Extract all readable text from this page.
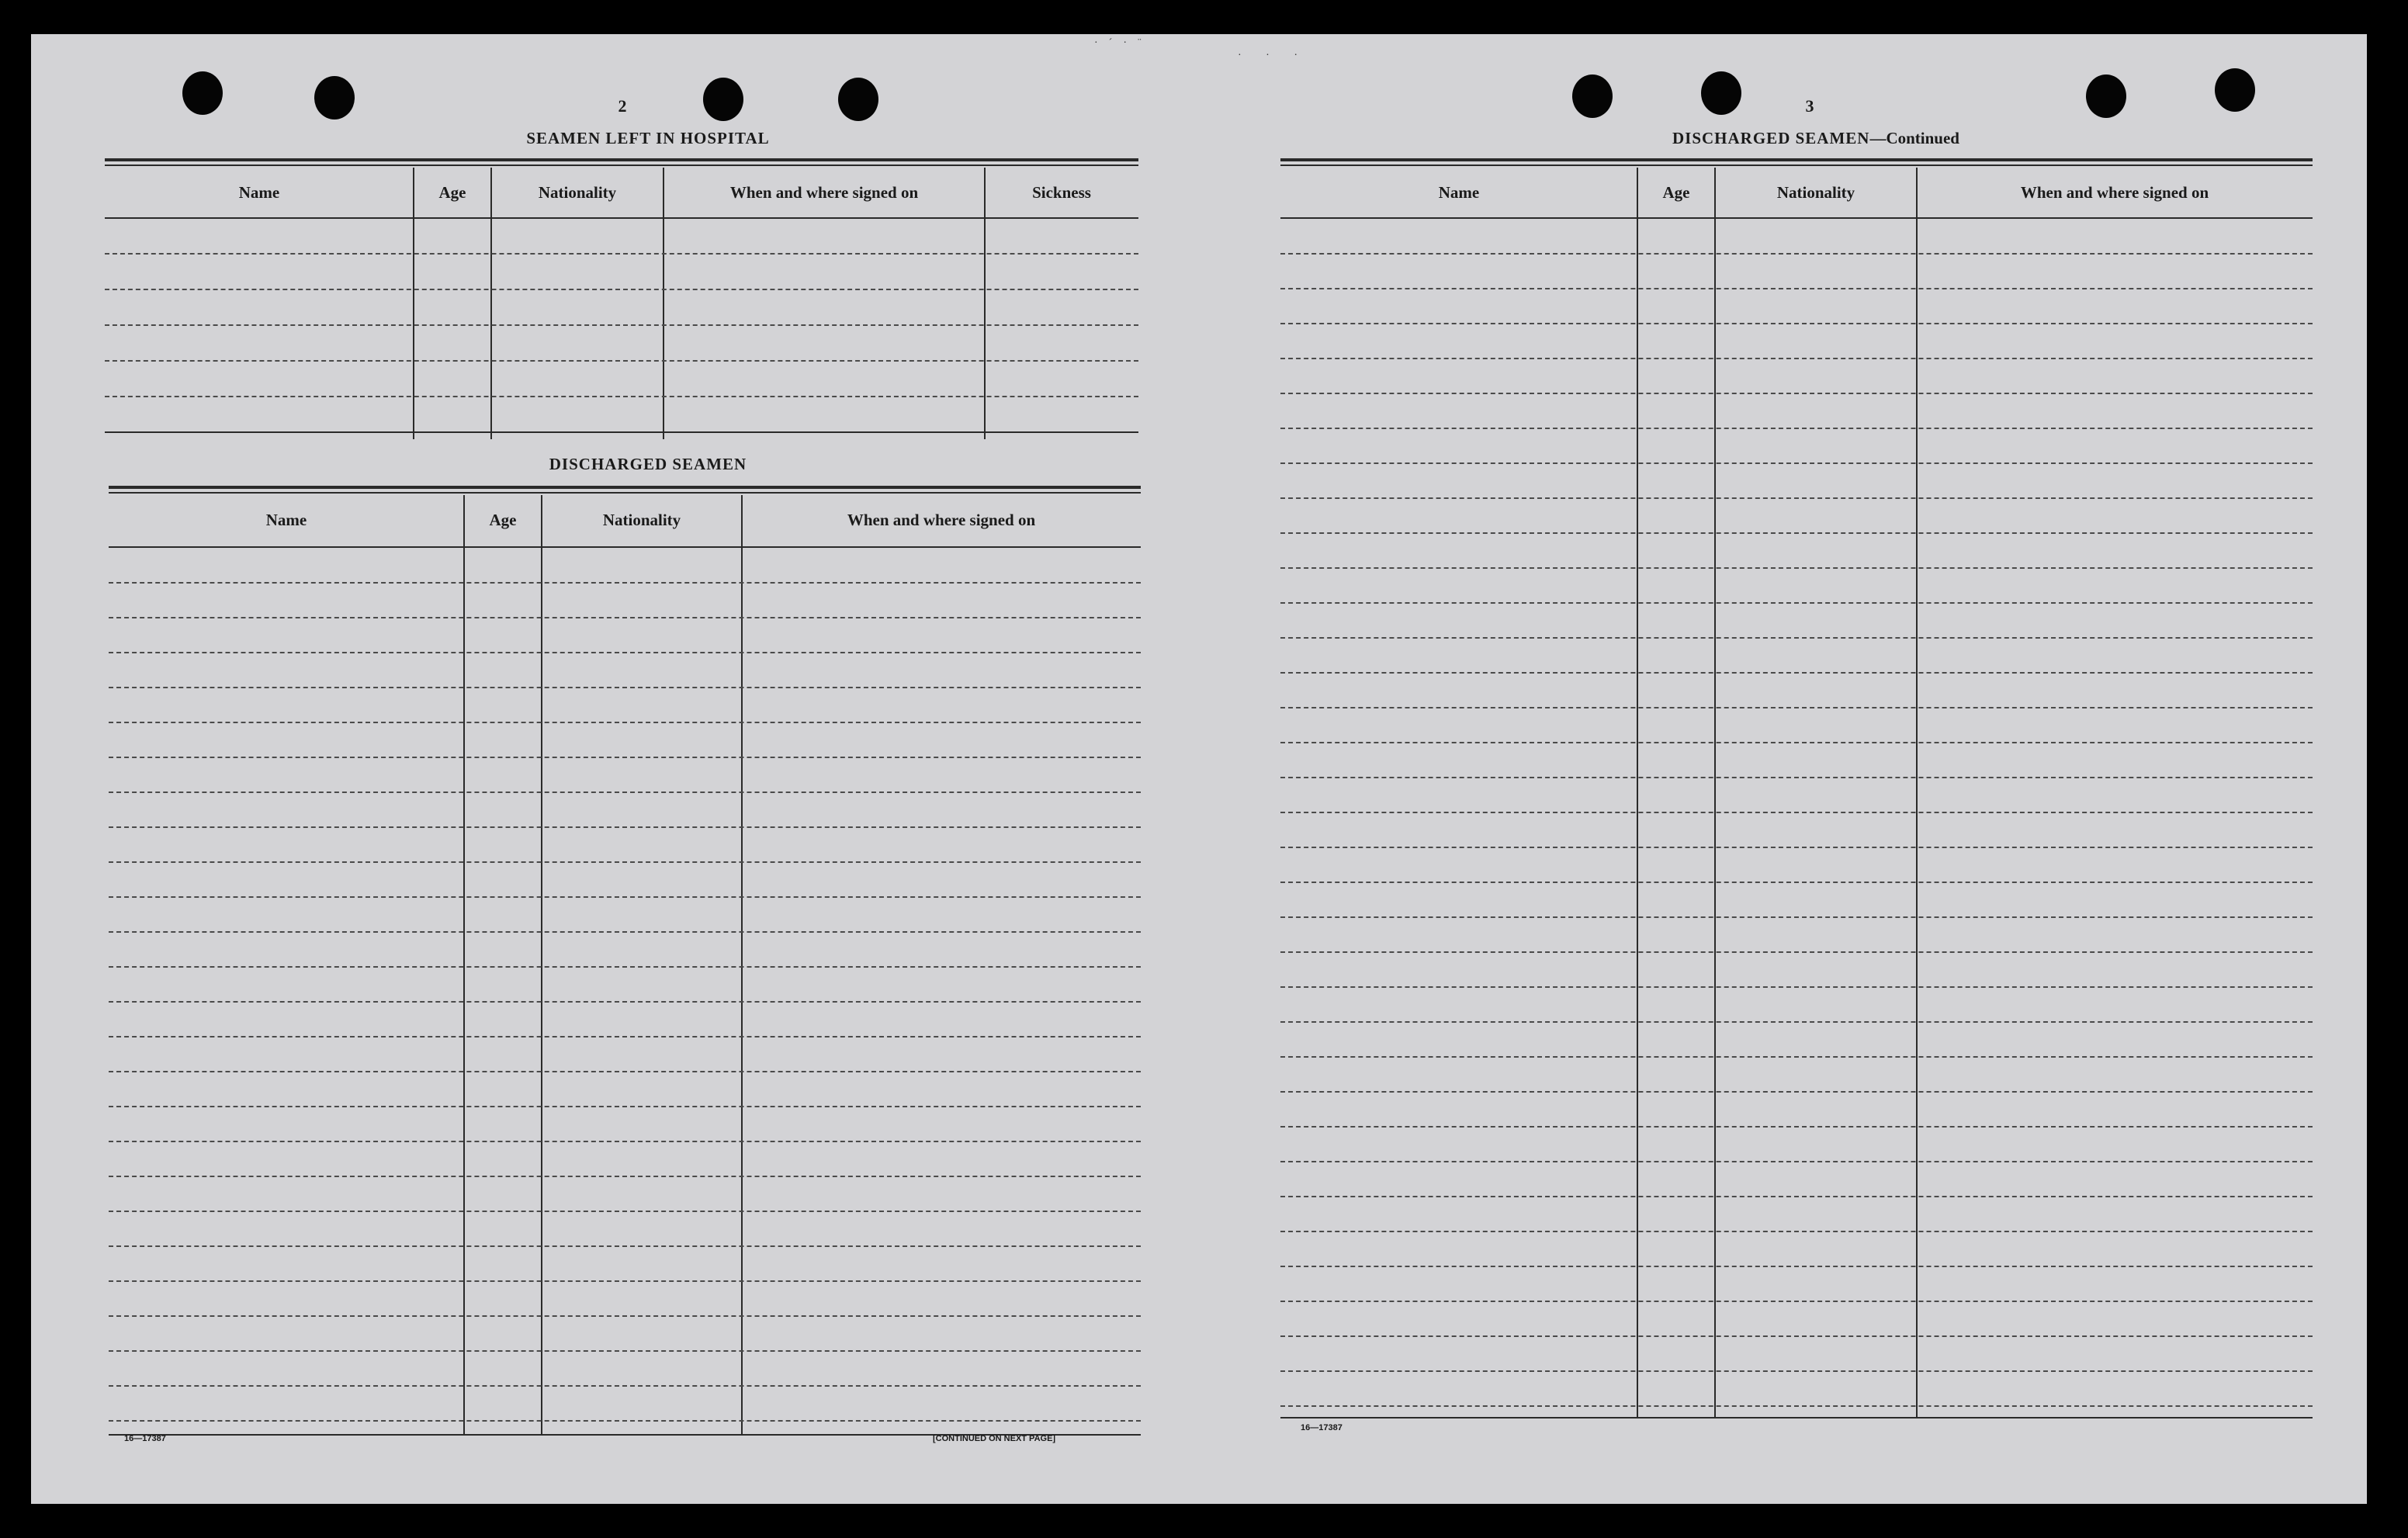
·´·¨
· · ·
2
SEAMEN LEFT IN HOSPITAL
Name	Age	Nationality	When and where signed on	Sickness
DISCHARGED SEAMEN
Name	Age	Nationality	When and where signed on
16—17387	[CONTINUED ON NEXT PAGE]
3
DISCHARGED SEAMEN—Continued
Name	Age	Nationality	When and where signed on
16—17387
